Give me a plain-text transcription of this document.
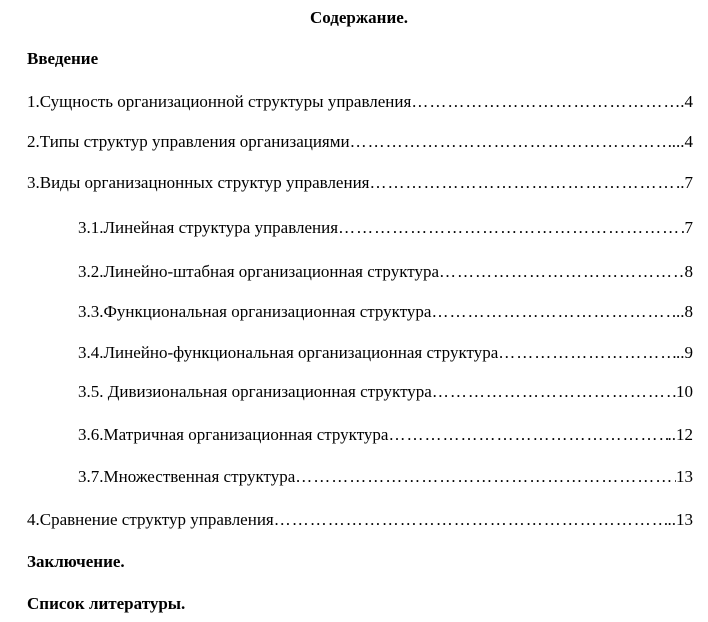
Содержание.
Введение
1.Сущность организационной структуры управления ……………………………………………………………………………………………………………………………………	.4
2.Типы структур управления организациями ……………………………………………………………………………………………………………………………………	...4
3.Виды организацнонных структур управления ……………………………………………………………………………………………………………………………………	..7
3.1.Линейная структура управления ……………………………………………………………………………………………………………………………………	7
3.2.Линейно-штабная организационная структура ……………………………………………………………………………………………………………………………………	8
3.3.Функциональная организационная структура ……………………………………………………………………………………………………………………………………	..8
3.4.Линейно-функциональная организационная структура ……………………………………………………………………………………………………………………………………	..9
3.5. Дивизиональная организационная структура ……………………………………………………………………………………………………………………………………	10
3.6.Матричная организационная структура ……………………………………………………………………………………………………………………………………	..12
3.7.Множественная структура ……………………………………………………………………………………………………………………………………	13
4.Сравнение структур управления ……………………………………………………………………………………………………………………………………	..13
Заключение.
Список литературы.
